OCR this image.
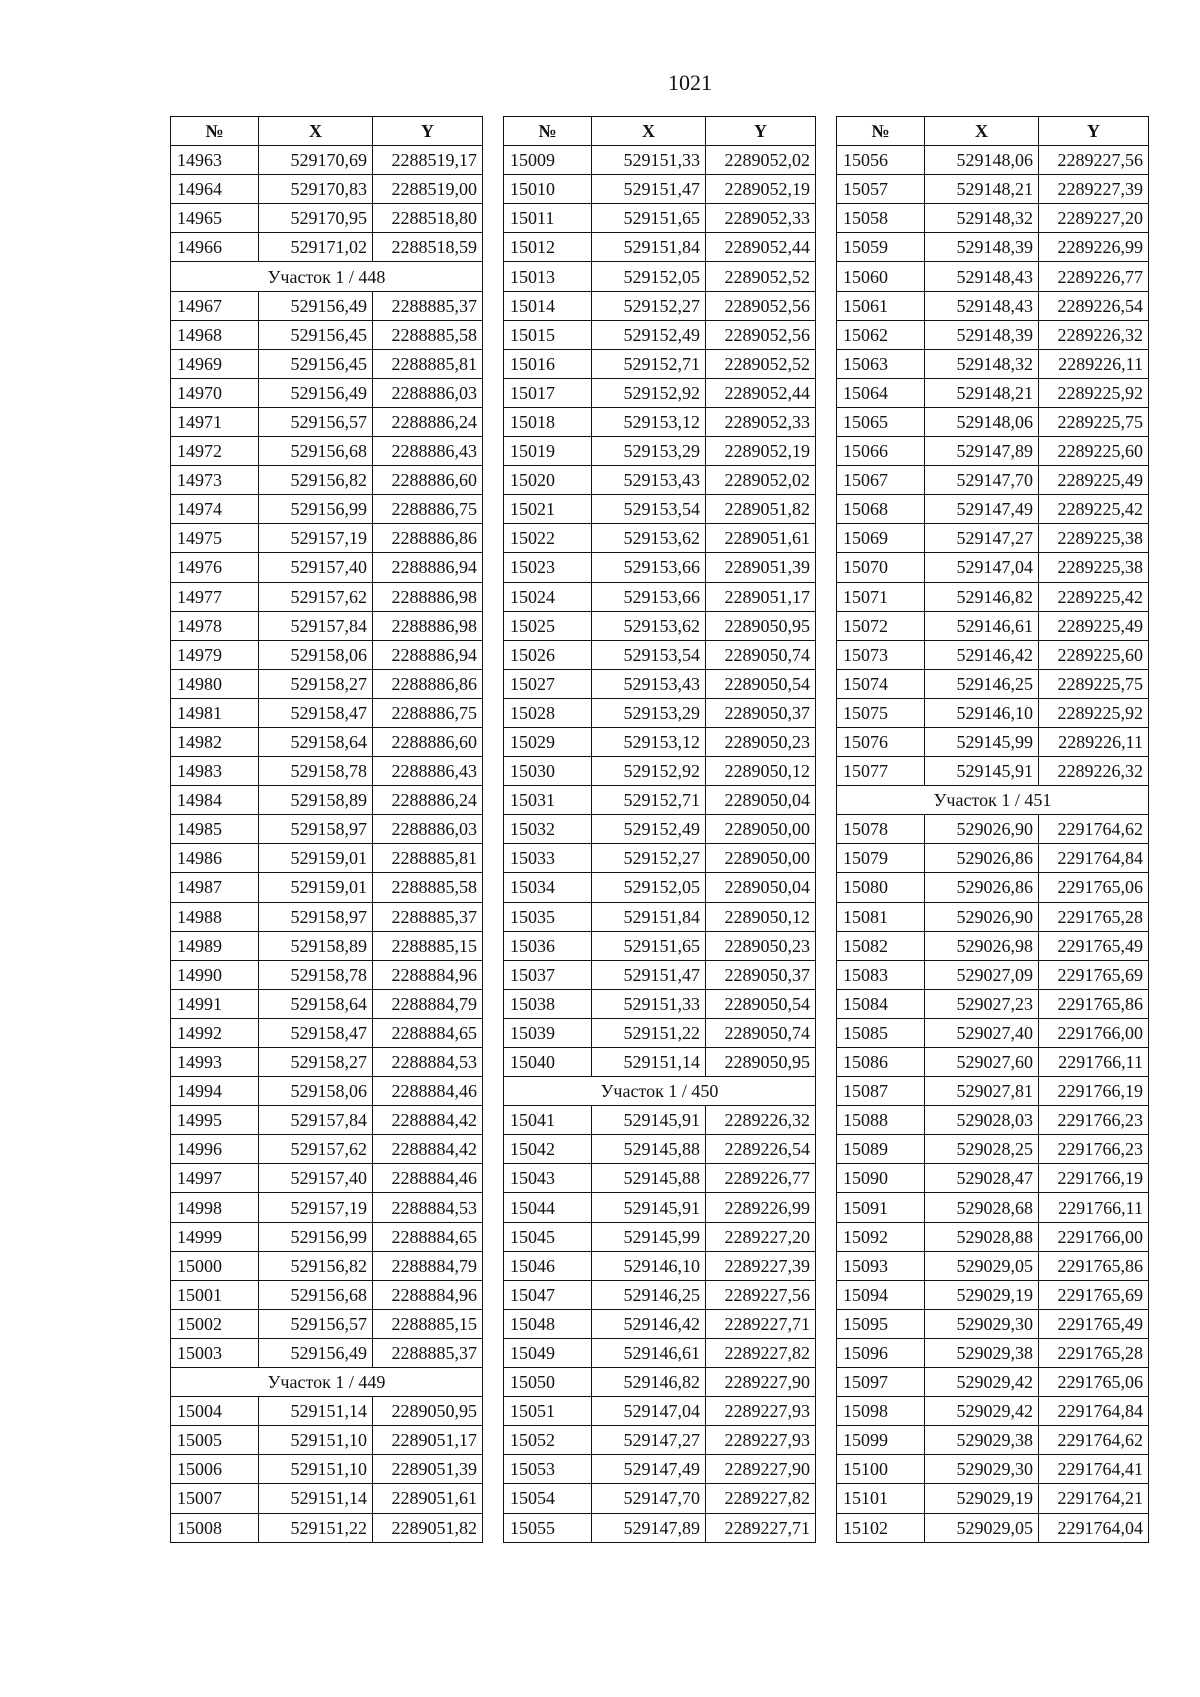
1021
№	X	Y
14963	529170,69	2288519,17
14964	529170,83	2288519,00
14965	529170,95	2288518,80
14966	529171,02	2288518,59
Участок 1 / 448		
14967	529156,49	2288885,37
14968	529156,45	2288885,58
14969	529156,45	2288885,81
14970	529156,49	2288886,03
14971	529156,57	2288886,24
14972	529156,68	2288886,43
14973	529156,82	2288886,60
14974	529156,99	2288886,75
14975	529157,19	2288886,86
14976	529157,40	2288886,94
14977	529157,62	2288886,98
14978	529157,84	2288886,98
14979	529158,06	2288886,94
14980	529158,27	2288886,86
14981	529158,47	2288886,75
14982	529158,64	2288886,60
14983	529158,78	2288886,43
14984	529158,89	2288886,24
14985	529158,97	2288886,03
14986	529159,01	2288885,81
14987	529159,01	2288885,58
14988	529158,97	2288885,37
14989	529158,89	2288885,15
14990	529158,78	2288884,96
14991	529158,64	2288884,79
14992	529158,47	2288884,65
14993	529158,27	2288884,53
14994	529158,06	2288884,46
14995	529157,84	2288884,42
14996	529157,62	2288884,42
14997	529157,40	2288884,46
14998	529157,19	2288884,53
14999	529156,99	2288884,65
15000	529156,82	2288884,79
15001	529156,68	2288884,96
15002	529156,57	2288885,15
15003	529156,49	2288885,37
Участок 1 / 449		
15004	529151,14	2289050,95
15005	529151,10	2289051,17
15006	529151,10	2289051,39
15007	529151,14	2289051,61
15008	529151,22	2289051,82
№	X	Y
15009	529151,33	2289052,02
15010	529151,47	2289052,19
15011	529151,65	2289052,33
15012	529151,84	2289052,44
15013	529152,05	2289052,52
15014	529152,27	2289052,56
15015	529152,49	2289052,56
15016	529152,71	2289052,52
15017	529152,92	2289052,44
15018	529153,12	2289052,33
15019	529153,29	2289052,19
15020	529153,43	2289052,02
15021	529153,54	2289051,82
15022	529153,62	2289051,61
15023	529153,66	2289051,39
15024	529153,66	2289051,17
15025	529153,62	2289050,95
15026	529153,54	2289050,74
15027	529153,43	2289050,54
15028	529153,29	2289050,37
15029	529153,12	2289050,23
15030	529152,92	2289050,12
15031	529152,71	2289050,04
15032	529152,49	2289050,00
15033	529152,27	2289050,00
15034	529152,05	2289050,04
15035	529151,84	2289050,12
15036	529151,65	2289050,23
15037	529151,47	2289050,37
15038	529151,33	2289050,54
15039	529151,22	2289050,74
15040	529151,14	2289050,95
Участок 1 / 450		
15041	529145,91	2289226,32
15042	529145,88	2289226,54
15043	529145,88	2289226,77
15044	529145,91	2289226,99
15045	529145,99	2289227,20
15046	529146,10	2289227,39
15047	529146,25	2289227,56
15048	529146,42	2289227,71
15049	529146,61	2289227,82
15050	529146,82	2289227,90
15051	529147,04	2289227,93
15052	529147,27	2289227,93
15053	529147,49	2289227,90
15054	529147,70	2289227,82
15055	529147,89	2289227,71
№	X	Y
15056	529148,06	2289227,56
15057	529148,21	2289227,39
15058	529148,32	2289227,20
15059	529148,39	2289226,99
15060	529148,43	2289226,77
15061	529148,43	2289226,54
15062	529148,39	2289226,32
15063	529148,32	2289226,11
15064	529148,21	2289225,92
15065	529148,06	2289225,75
15066	529147,89	2289225,60
15067	529147,70	2289225,49
15068	529147,49	2289225,42
15069	529147,27	2289225,38
15070	529147,04	2289225,38
15071	529146,82	2289225,42
15072	529146,61	2289225,49
15073	529146,42	2289225,60
15074	529146,25	2289225,75
15075	529146,10	2289225,92
15076	529145,99	2289226,11
15077	529145,91	2289226,32
Участок 1 / 451		
15078	529026,90	2291764,62
15079	529026,86	2291764,84
15080	529026,86	2291765,06
15081	529026,90	2291765,28
15082	529026,98	2291765,49
15083	529027,09	2291765,69
15084	529027,23	2291765,86
15085	529027,40	2291766,00
15086	529027,60	2291766,11
15087	529027,81	2291766,19
15088	529028,03	2291766,23
15089	529028,25	2291766,23
15090	529028,47	2291766,19
15091	529028,68	2291766,11
15092	529028,88	2291766,00
15093	529029,05	2291765,86
15094	529029,19	2291765,69
15095	529029,30	2291765,49
15096	529029,38	2291765,28
15097	529029,42	2291765,06
15098	529029,42	2291764,84
15099	529029,38	2291764,62
15100	529029,30	2291764,41
15101	529029,19	2291764,21
15102	529029,05	2291764,04
